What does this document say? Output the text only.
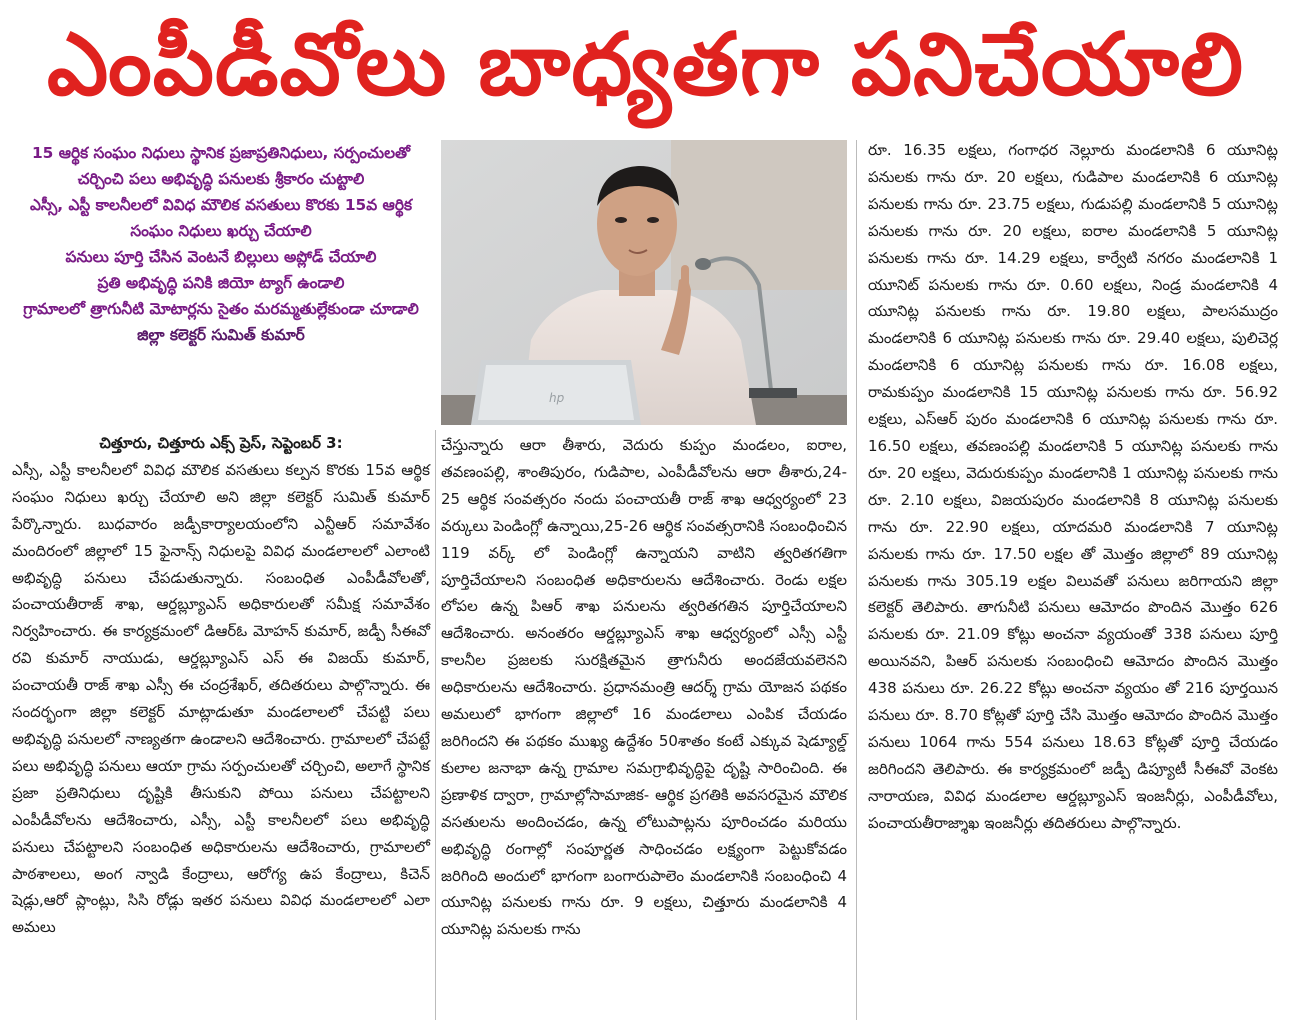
ఎంపీడీవోలు బాధ్యతగా పనిచేయాలి
15 ఆర్థిక సంఘం నిధులు స్థానిక ప్రజాప్రతినిధులు, సర్పంచులతో చర్చించి పలు అభివృద్ధి పనులకు శ్రీకారం చుట్టాలి
ఎస్సీ, ఎస్టీ కాలనీలలో వివిధ మౌలిక వసతులు కొరకు 15వ ఆర్థిక సంఘం నిధులు ఖర్చు చేయాలి
పనులు పూర్తి చేసిన వెంటనే బిల్లులు అప్లోడ్ చేయాలి
ప్రతి అభివృద్ధి పనికి జియో ట్యాగ్ ఉండాలి
గ్రామాలలో త్రాగునీటి మోటార్లను సైతం మరమ్మతుల్లేకుండా చూడాలి
జిల్లా కలెక్టర్ సుమిత్ కుమార్
hp
చిత్తూరు, చిత్తూరు ఎక్స్ ప్రెస్, సెప్టెంబర్ 3:

ఎస్సీ, ఎస్టీ కాలనీలలో వివిధ మౌలిక వసతులు కల్పన కొరకు 15వ ఆర్థిక సంఘం నిధులు ఖర్చు చేయాలి అని జిల్లా కలెక్టర్ సుమిత్ కుమార్ పేర్కొన్నారు. బుధవారం జడ్పీకార్యాలయంలోని ఎన్టీఆర్ సమావేశం మందిరంలో జిల్లాలో 15 ఫైనాన్స్ నిధులపై వివిధ మండలాలలో ఎలాంటి అభివృద్ధి పనులు చేపడుతున్నారు. సంబంధిత ఎంపీడీవోలతో, పంచాయతీరాజ్ శాఖ, ఆర్డబ్ల్యూఎస్ అధికారులతో సమీక్ష సమావేశం నిర్వహించారు. ఈ కార్యక్రమంలో డిఆర్ఓ మోహన్ కుమార్, జడ్పీ సీఈవో రవి కుమార్ నాయుడు, ఆర్డబ్ల్యూఎస్ ఎస్ ఈ విజయ్ కుమార్, పంచాయతీ రాజ్ శాఖ ఎస్సీ ఈ చంద్రశేఖర్, తదితరులు పాల్గొన్నారు. ఈ సందర్భంగా జిల్లా కలెక్టర్ మాట్లాడుతూ మండలాలలో చేపట్టి పలు అభివృద్ధి పనులలో నాణ్యతగా ఉండాలని ఆదేశించారు. గ్రామాలలో చేపట్టే పలు అభివృద్ధి పనులు ఆయా గ్రామ సర్పంచులతో చర్చించి, అలాగే స్థానిక ప్రజా ప్రతినిధులు దృష్టికి తీసుకుని పోయి పనులు చేపట్టాలని ఎంపీడీవోలను ఆదేశించారు, ఎస్సీ, ఎస్టీ కాలనీలలో పలు అభివృద్ధి పనులు చేపట్టాలని సంబంధిత అధికారులను ఆదేశించారు, గ్రామాలలో పాఠశాలలు, అంగ న్వాడి కేంద్రాలు, ఆరోగ్య ఉప కేంద్రాలు, కిచెన్ షెడ్లు,ఆరో ప్లాంట్లు, సిసి రోడ్లు ఇతర పనులు వివిధ మండలాలలో ఎలా అమలు

చేస్తున్నారు ఆరా తీశారు, వెదురు కుప్పం మండలం, ఐరాల, తవణంపల్లి, శాంతిపురం, గుడిపాల, ఎంపీడీవోలను ఆరా తీశారు,24-25 ఆర్థిక సంవత్సరం నందు పంచాయతీ రాజ్ శాఖ ఆధ్వర్యంలో 23 వర్కులు పెండింగ్లో ఉన్నాయి,25-26 ఆర్థిక సంవత్సరానికి సంబంధించిన 119 వర్క్ లో పెండింగ్లో ఉన్నాయని వాటిని త్వరితగతిగా పూర్తిచేయాలని సంబంధిత అధికారులను ఆదేశించారు. రెండు లక్షల లోపల ఉన్న పిఆర్ శాఖ పనులను త్వరితగతిన పూర్తిచేయాలని ఆదేశించారు. అనంతరం ఆర్డబ్ల్యూఎస్ శాఖ ఆధ్వర్యంలో ఎస్సీ ఎస్టీ కాలనీల ప్రజలకు సురక్షితమైన త్రాగునీరు అందజేయవలెనని అధికారులను ఆదేశించారు. ప్రధానమంత్రి ఆదర్శ్ గ్రామ యోజన పథకం అమలులో భాగంగా జిల్లాలో 16 మండలాలు ఎంపిక చేయడం జరిగిందని ఈ పథకం ముఖ్య ఉద్దేశం 50శాతం కంటే ఎక్కువ షెడ్యూల్డ్ కులాల జనాభా ఉన్న గ్రామాల సమగ్రాభివృద్ధిపై దృష్టి సారించింది. ఈ ప్రణాళిక ద్వారా, గ్రామాల్లోసామాజిక- ఆర్థిక ప్రగతికి అవసరమైన మౌలిక వసతులను అందించడం, ఉన్న లోటుపాట్లను పూరించడం మరియు అభివృద్ధి రంగాల్లో సంపూర్ణత సాధించడం లక్ష్యంగా పెట్టుకోవడం జరిగింది అందులో భాగంగా బంగారుపాలెం మండలానికి సంబంధించి 4 యూనిట్ల పనులకు గాను రూ. 9 లక్షలు, చిత్తూరు మండలానికి 4 యూనిట్ల పనులకు గాను

రూ. 16.35 లక్షలు, గంగాధర నెల్లూరు మండలానికి 6 యూనిట్ల పనులకు గాను రూ. 20 లక్షలు, గుడిపాల మండలానికి 6 యూనిట్ల పనులకు గాను రూ. 23.75 లక్షలు, గుడుపల్లి మండలానికి 5 యూనిట్ల పనులకు గాను రూ. 20 లక్షలు, ఐరాల మండలానికి 5 యూనిట్ల పనులకు గాను రూ. 14.29 లక్షలు, కార్వేటి నగరం మండలానికి 1 యూనిట్ పనులకు గాను రూ. 0.60 లక్షలు, నిండ్ర మండలానికి 4 యూనిట్ల పనులకు గాను రూ. 19.80 లక్షలు, పాలసముద్రం మండలానికి 6 యూనిట్ల పనులకు గాను రూ. 29.40 లక్షలు, పులిచెర్ల మండలానికి 6 యూనిట్ల పనులకు గాను రూ. 16.08 లక్షలు, రామకుప్పం మండలానికి 15 యూనిట్ల పనులకు గాను రూ. 56.92 లక్షలు, ఎస్ఆర్ పురం మండలానికి 6 యూనిట్ల పనులకు గాను రూ. 16.50 లక్షలు, తవణంపల్లి మండలానికి 5 యూనిట్ల పనులకు గాను రూ. 20 లక్షలు, వెదురుకుప్పం మండలానికి 1 యూనిట్ల పనులకు గాను రూ. 2.10 లక్షలు, విజయపురం మండలానికి 8 యూనిట్ల పనులకు గాను రూ. 22.90 లక్షలు, యాదమరి మండలానికి 7 యూనిట్ల పనులకు గాను రూ. 17.50 లక్షల తో మొత్తం జిల్లాలో 89 యూనిట్ల పనులకు గాను 305.19 లక్షల విలువతో పనులు జరిగాయని జిల్లా కలెక్టర్ తెలిపారు. తాగునీటి పనులు ఆమోదం పొందిన మొత్తం 626 పనులకు రూ. 21.09 కోట్లు అంచనా వ్యయంతో 338 పనులు పూర్తి అయినవని, పిఆర్ పనులకు సంబంధించి ఆమోదం పొందిన మొత్తం 438 పనులు రూ. 26.22 కోట్లు అంచనా వ్యయం తో 216 పూర్తయిన పనులు రూ. 8.70 కోట్లతో పూర్తి చేసి మొత్తం ఆమోదం పొందిన మొత్తం పనులు 1064 గాను 554 పనులు 18.63 కోట్లతో పూర్తి చేయడం జరిగిందని తెలిపారు. ఈ కార్యక్రమంలో జడ్పీ డిప్యూటీ సీఈవో వెంకట నారాయణ, వివిధ మండలాల ఆర్డబ్ల్యూఎస్ ఇంజనీర్లు, ఎంపీడీవోలు, పంచాయతీరాజ్శాఖ ఇంజనీర్లు తదితరులు పాల్గొన్నారు.
